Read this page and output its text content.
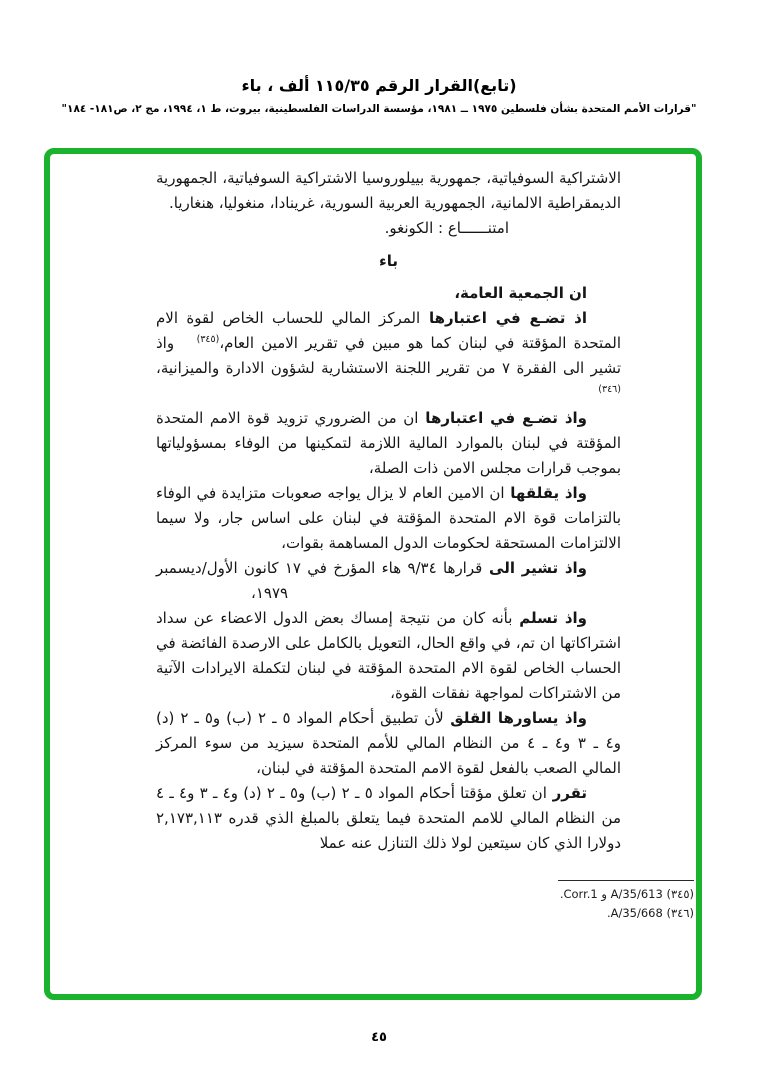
(تابع)القرار الرقم ١١٥/٣٥ ألف ، باء
"قرارات الأمم المتحدة بشأن فلسطين ١٩٧٥ ــ ١٩٨١، مؤسسة الدراسات الفلسطينية، بيروت، ط ١، ١٩٩٤، مج ٢، ص١٨١- ١٨٤"

الاشتراكية السوفياتية، جمهورية بييلوروسيا الاشتراكية السوفياتية، الجمهورية الديمقراطية الالمانية، الجمهورية العربية السورية، غرينادا، منغوليا، هنغاريا.

امتنــــــاع : الكونغو.

باء

ان الجمعية العامة،

اذ تضـع في اعتبارها المركز المالي للحساب الخاص لقوة الام المتحدة المؤقتة في لبنان كما هو مبين في تقرير الامين العام،$^{(٣٤٥)}$  واذ تشير الى الفقرة ٧ من تقرير اللجنة الاستشارية لشؤون الادارة والميزانية،$^{(٣٤٦)}$

واذ تضـع في اعتبارها ان من الضروري تزويد قوة الامم المتحدة المؤقتة في لبنان بالموارد المالية اللازمة لتمكينها من الوفاء بمسؤولياتها بموجب قرارات مجلس الامن ذات الصلة،

واذ يقلقها ان الامين العام لا يزال يواجه صعوبات متزايدة في الوفاء بالتزامات قوة الام المتحدة المؤقتة في لبنان على اساس جار، ولا سيما الالتزامات المستحقة لحكومات الدول المساهمة بقوات،

واذ تشير الى قرارها ٩/٣٤ هاء المؤرخ في ١٧ كانون الأول/ديسمبر

١٩٧٩،

واذ تسلم بأنه كان من نتيجة إمساك بعض الدول الاعضاء عن سداد اشتراكاتها ان تم، في واقع الحال، التعويل بالكامل على الارصدة الفائضة في الحساب الخاص لقوة الام المتحدة المؤقتة في لبنان لتكملة الايرادات الآتية من الاشتراكات لمواجهة نفقات القوة،

واذ يساورها القلق لأن تطبيق أحكام المواد ٥ ـ ٢ (ب) و٥ ـ ٢ (د) و٤ ـ ٣ و٤ ـ ٤ من النظام المالي للأمم المتحدة سيزيد من سوء المركز المالي الصعب بالفعل لقوة الامم المتحدة المؤقتة في لبنان،

تقرر ان تعلق مؤقتا أحكام المواد ٥ ـ ٢ (ب) و٥ ـ ٢ (د) و٤ ـ ٣ و٤ ـ ٤ من النظام المالي للامم المتحدة فيما يتعلق بالمبلغ الذي قدره ٢,١٧٣,١١٣ دولارا الذي كان سيتعين لولا ذلك التنازل عنه عملا

(٣٤٥) A/35/613 و Corr.1.
(٣٤٦) A/35/668.
٤٥
